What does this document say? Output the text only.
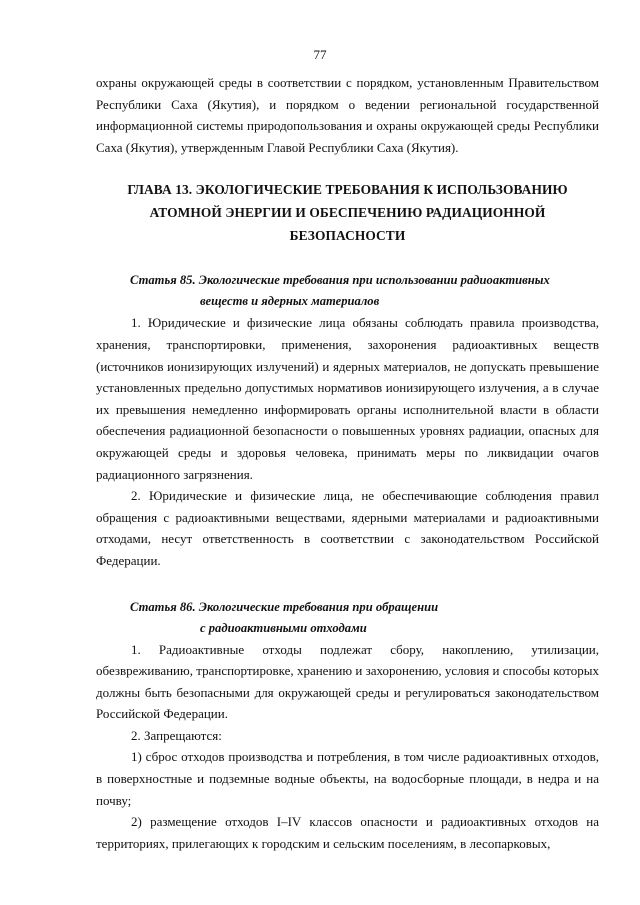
77

охраны окружающей среды в соответствии с порядком, установленным Правительством Республики Саха (Якутия), и порядком о ведении региональной государственной информационной системы природопользования и охраны окружающей среды Республики Саха (Якутия), утвержденным Главой Республики Саха (Якутия).

ГЛАВА 13. ЭКОЛОГИЧЕСКИЕ ТРЕБОВАНИЯ К ИСПОЛЬЗОВАНИЮ
АТОМНОЙ ЭНЕРГИИ И ОБЕСПЕЧЕНИЮ РАДИАЦИОННОЙ БЕЗОПАСНОСТИ
Статья 85. Экологические требования при использовании радиоактивных
веществ и ядерных материалов

1. Юридические и физические лица обязаны соблюдать правила производства, хранения, транспортировки, применения, захоронения радиоактивных веществ (источников ионизирующих излучений) и ядерных материалов, не допускать превышение установленных предельно допустимых нормативов ионизирующего излучения, а в случае их превышения немедленно информировать органы исполнительной власти в области обеспечения радиационной безопасности о повышенных уровнях радиации, опасных для окружающей среды и здоровья человека, принимать меры по ликвидации очагов радиационного загрязнения.

2. Юридические и физические лица, не обеспечивающие соблюдения правил обращения с радиоактивными веществами, ядерными материалами и радиоактивными отходами, несут ответственность в соответствии с законодательством Российской Федерации.

Статья 86. Экологические требования при обращении
с радиоактивными отходами

1. Радиоактивные отходы подлежат сбору, накоплению, утилизации, обезвреживанию, транспортировке, хранению и захоронению, условия и способы которых должны быть безопасными для окружающей среды и регулироваться законодательством Российской Федерации.

2. Запрещаются:

1) сброс отходов производства и потребления, в том числе радиоактивных отходов, в поверхностные и подземные водные объекты, на водосборные площади, в недра и на почву;

2) размещение отходов I–IV классов опасности и радиоактивных отходов на территориях, прилегающих к городским и сельским поселениям, в лесопарковых,
